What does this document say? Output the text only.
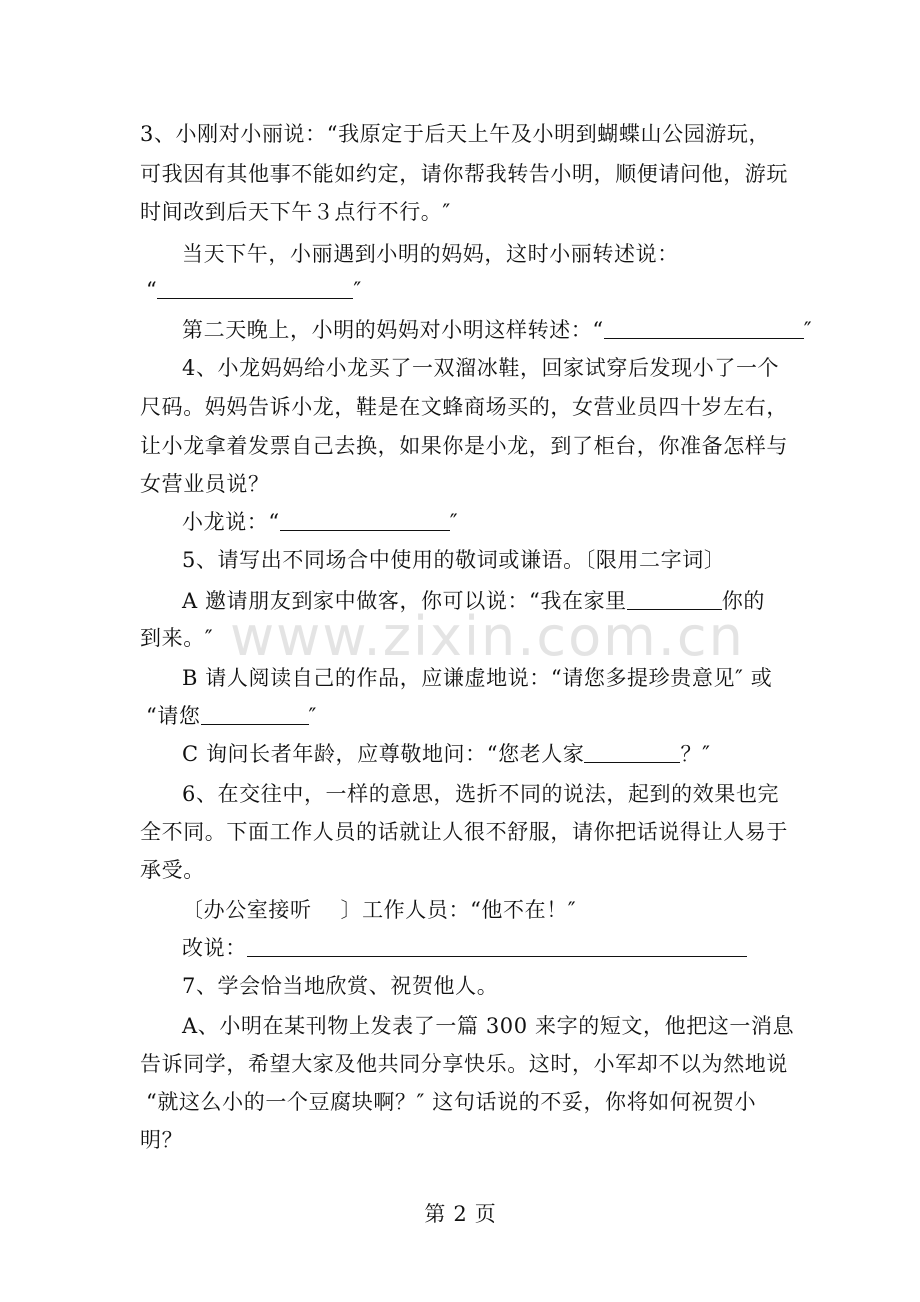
www.zixin.com.cn
3、小刚对小丽说：“我原定于后天上午及小明到蝴蝶山公园游玩，
可我因有其他事不能如约定，请你帮我转告小明，顺便请问他，游玩
时间改到后天下午３点行不行。″
当天下午，小丽遇到小明的妈妈，这时小丽转述说：
“	″
第二天晚上，小明的妈妈对小明这样转述：“	″
4、小龙妈妈给小龙买了一双溜冰鞋，回家试穿后发现小了一个
尺码。妈妈告诉小龙，鞋是在文蜂商场买的，女营业员四十岁左右，
让小龙拿着发票自己去换，如果你是小龙，到了柜台，你准备怎样与
女营业员说？
小龙说：“	″
5、请写出不同场合中使用的敬词或谦语。〔限用二字词〕
A 邀请朋友到家中做客，你可以说：“我在家里	你的
到来。″
B 请人阅读自己的作品，应谦虚地说：“请您多提珍贵意见″ 或
“请您	″
C 询问长者年龄，应尊敬地问：“您老人家	？″
6、在交往中，一样的意思，选折不同的说法，起到的效果也完
全不同。下面工作人员的话就让人很不舒服，请你把话说得让人易于
承受。
〔办公室接听　 〕工作人员：“他不在！″
改说：
7、学会恰当地欣赏、祝贺他人。
A、小明在某刊物上发表了一篇 300 来字的短文，他把这一消息
告诉同学，希望大家及他共同分享快乐。这时，小军却不以为然地说
“就这么小的一个豆腐块啊？″ 这句话说的不妥，你将如何祝贺小
明？
第 2 页
